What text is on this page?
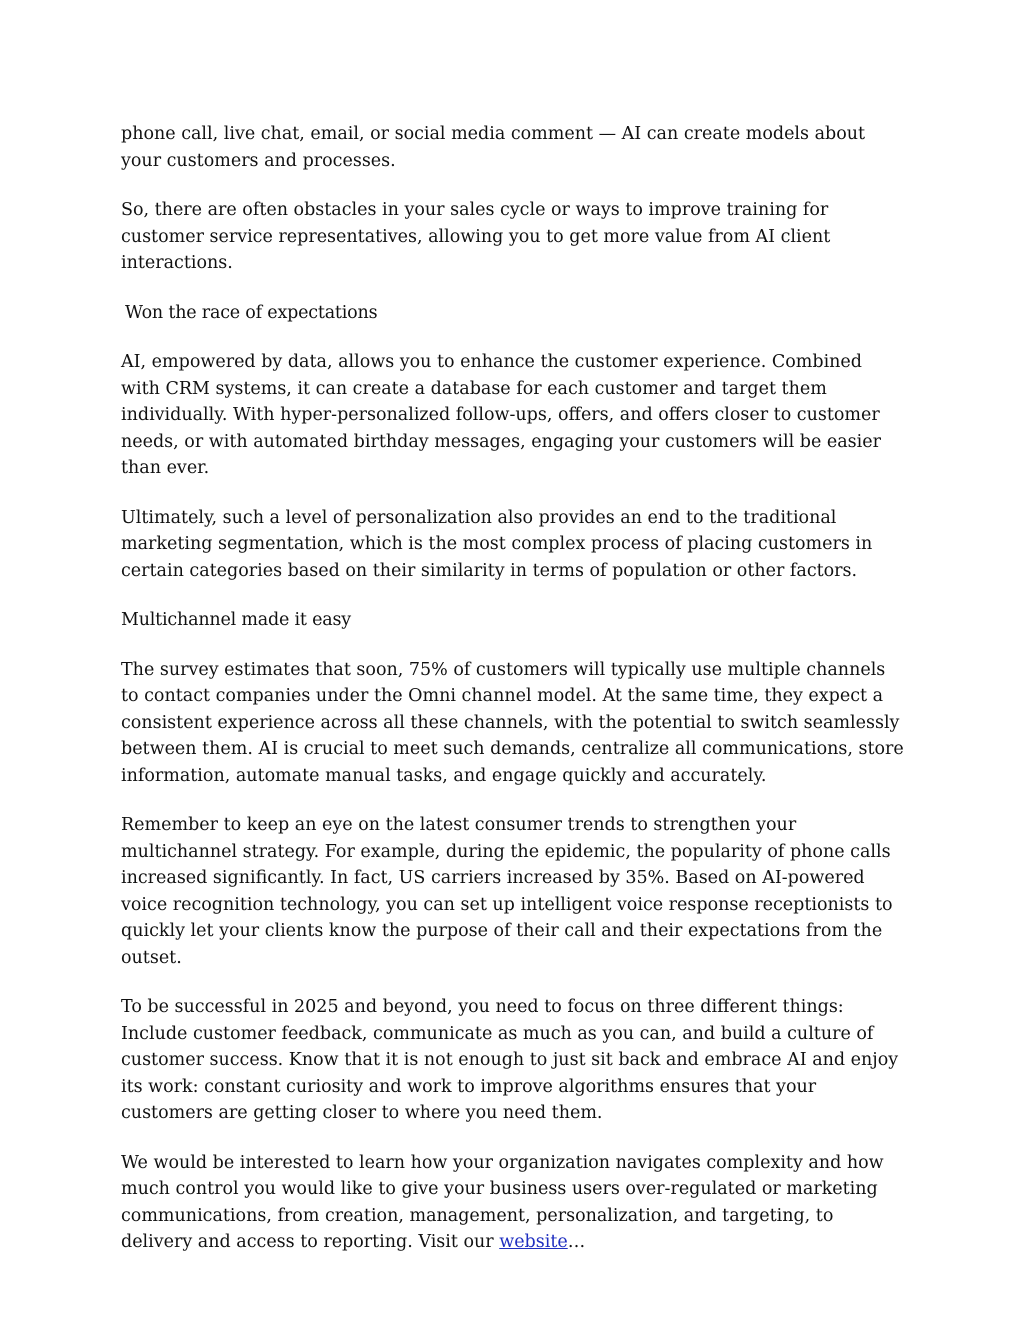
phone call, live chat, email, or social media comment — AI can create models about your customers and processes.

So, there are often obstacles in your sales cycle or ways to improve training for customer service representatives, allowing you to get more value from AI client interactions.

Won the race of expectations

AI, empowered by data, allows you to enhance the customer experience. Combined with CRM systems, it can create a database for each customer and target them individually. With hyper-personalized follow-ups, offers, and offers closer to customer needs, or with automated birthday messages, engaging your customers will be easier than ever.

Ultimately, such a level of personalization also provides an end to the traditional marketing segmentation, which is the most complex process of placing customers in certain categories based on their similarity in terms of population or other factors.

Multichannel made it easy

The survey estimates that soon, 75% of customers will typically use multiple channels to contact companies under the Omni channel model. At the same time, they expect a consistent experience across all these channels, with the potential to switch seamlessly between them. AI is crucial to meet such demands, centralize all communications, store information, automate manual tasks, and engage quickly and accurately.

Remember to keep an eye on the latest consumer trends to strengthen your multichannel strategy. For example, during the epidemic, the popularity of phone calls increased significantly. In fact, US carriers increased by 35%. Based on AI-powered voice recognition technology, you can set up intelligent voice response receptionists to quickly let your clients know the purpose of their call and their expectations from the outset.

To be successful in 2025 and beyond, you need to focus on three different things: Include customer feedback, communicate as much as you can, and build a culture of customer success. Know that it is not enough to just sit back and embrace AI and enjoy its work: constant curiosity and work to improve algorithms ensures that your customers are getting closer to where you need them.

We would be interested to learn how your organization navigates complexity and how much control you would like to give your business users over-regulated or marketing communications, from creation, management, personalization, and targeting, to delivery and access to reporting. Visit our website…
